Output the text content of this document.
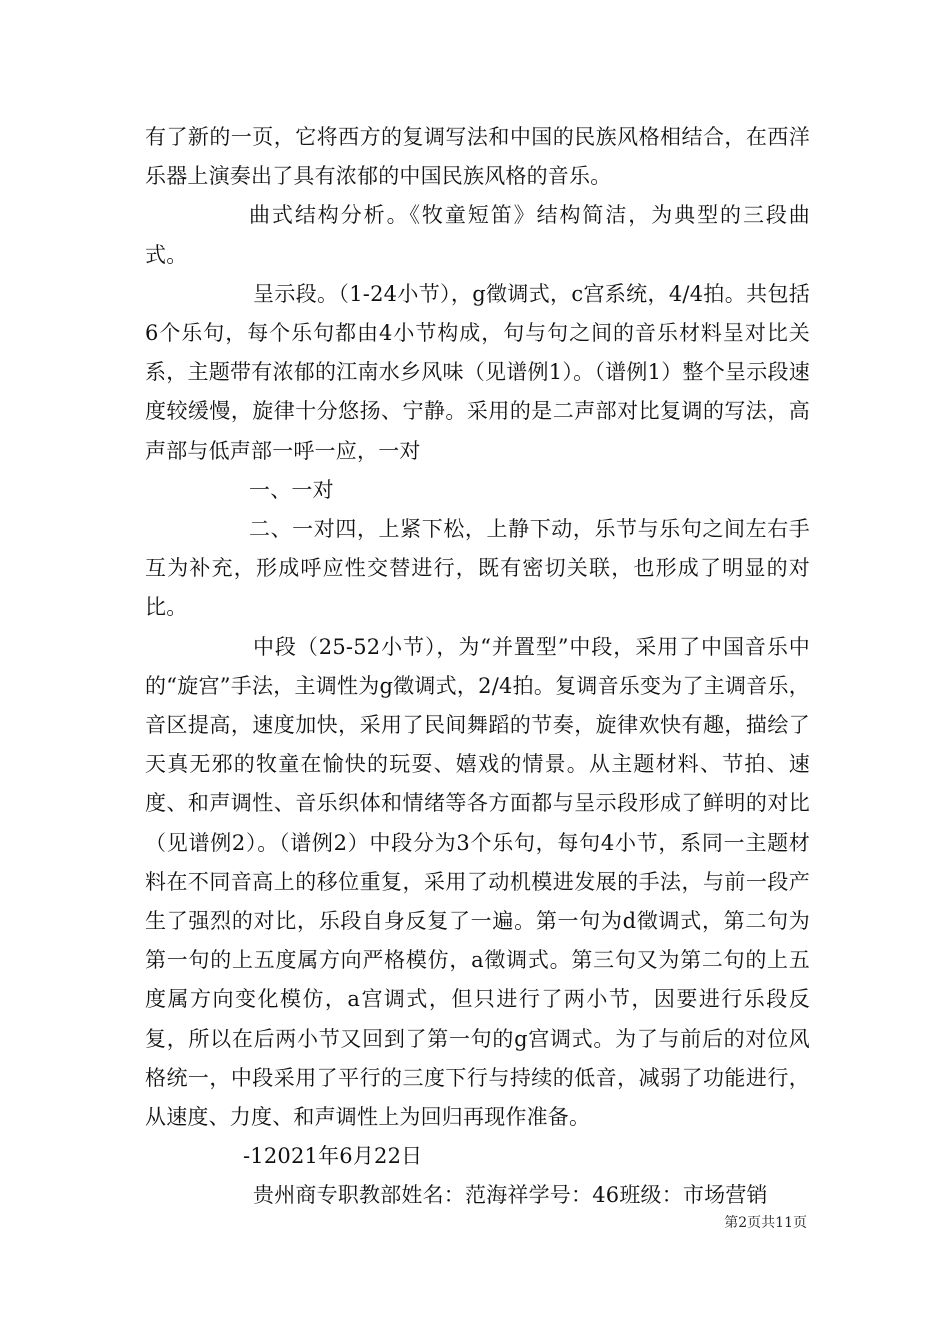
有了新的一页，它将西方的复调写法和中国的民族风格相结合，在西洋乐器上演奏出了具有浓郁的中国民族风格的音乐。

曲式结构分析。《牧童短笛》结构简洁，为典型的三段曲式。

呈示段。（1-24小节），g徵调式，c宫系统，4/4拍。共包括6个乐句，每个乐句都由4小节构成，句与句之间的音乐材料呈对比关系，主题带有浓郁的江南水乡风味（见谱例1）。（谱例1）整个呈示段速度较缓慢，旋律十分悠扬、宁静。采用的是二声部对比复调的写法，高声部与低声部一呼一应，一对

一、一对

二、一对四，上紧下松，上静下动，乐节与乐句之间左右手互为补充，形成呼应性交替进行，既有密切关联，也形成了明显的对比。

中段（25-52小节），为“并置型”中段，采用了中国音乐中的“旋宫”手法，主调性为g徵调式，2/4拍。复调音乐变为了主调音乐，音区提高，速度加快，采用了民间舞蹈的节奏，旋律欢快有趣，描绘了天真无邪的牧童在愉快的玩耍、嬉戏的情景。从主题材料、节拍、速度、和声调性、音乐织体和情绪等各方面都与呈示段形成了鲜明的对比（见谱例2）。（谱例2）中段分为3个乐句，每句4小节，系同一主题材料在不同音高上的移位重复，采用了动机模进发展的手法，与前一段产生了强烈的对比，乐段自身反复了一遍。第一句为d徵调式，第二句为第一句的上五度属方向严格模仿，a徵调式。第三句又为第二句的上五度属方向变化模仿，a宫调式，但只进行了两小节，因要进行乐段反复，所以在后两小节又回到了第一句的g宫调式。为了与前后的对位风格统一，中段采用了平行的三度下行与持续的低音，减弱了功能进行，从速度、力度、和声调性上为回归再现作准备。

-12021年6月22日

贵州商专职教部姓名：范海祥学号：46班级：市场营销

第2页共11页
